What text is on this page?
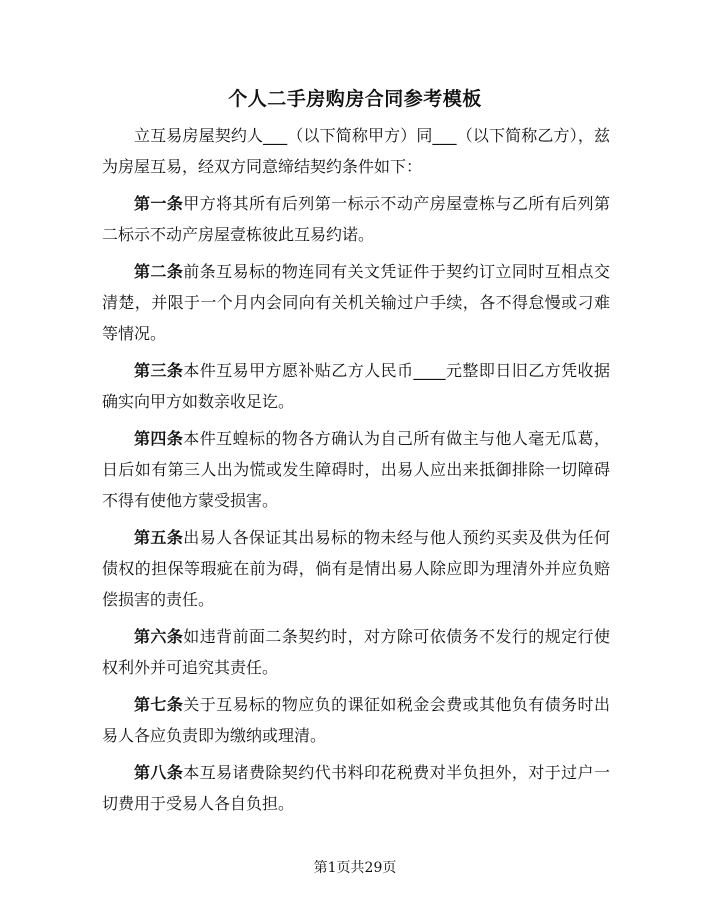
个人二手房购房合同参考模板

立互易房屋契约人___（以下简称甲方）同___（以下简称乙方），兹为房屋互易，经双方同意缔结契约条件如下：

第一条甲方将其所有后列第一标示不动产房屋壹栋与乙所有后列第二标示不动产房屋壹栋彼此互易约诺。

第二条前条互易标的物连同有关文凭证件于契约订立同时互相点交清楚，并限于一个月内会同向有关机关输过户手续，各不得怠慢或刁难等情况。

第三条本件互易甲方愿补贴乙方人民币____元整即日旧乙方凭收据确实向甲方如数亲收足讫。

第四条本件互蝗标的物各方确认为自己所有做主与他人毫无瓜葛，日后如有第三人出为慌或发生障碍时，出易人应出来抵御排除一切障碍不得有使他方蒙受损害。

第五条出易人各保证其出易标的物未经与他人预约买卖及供为任何债权的担保等瑕疵在前为碍，倘有是情出易人除应即为理清外并应负赔偿损害的责任。

第六条如违背前面二条契约时，对方除可依债务不发行的规定行使权利外并可追究其责任。

第七条关于互易标的物应负的课征如税金会费或其他负有债务时出易人各应负责即为缴纳或理清。

第八条本互易诸费除契约代书料印花税费对半负担外，对于过户一切费用于受易人各自负担。

第1页共29页
